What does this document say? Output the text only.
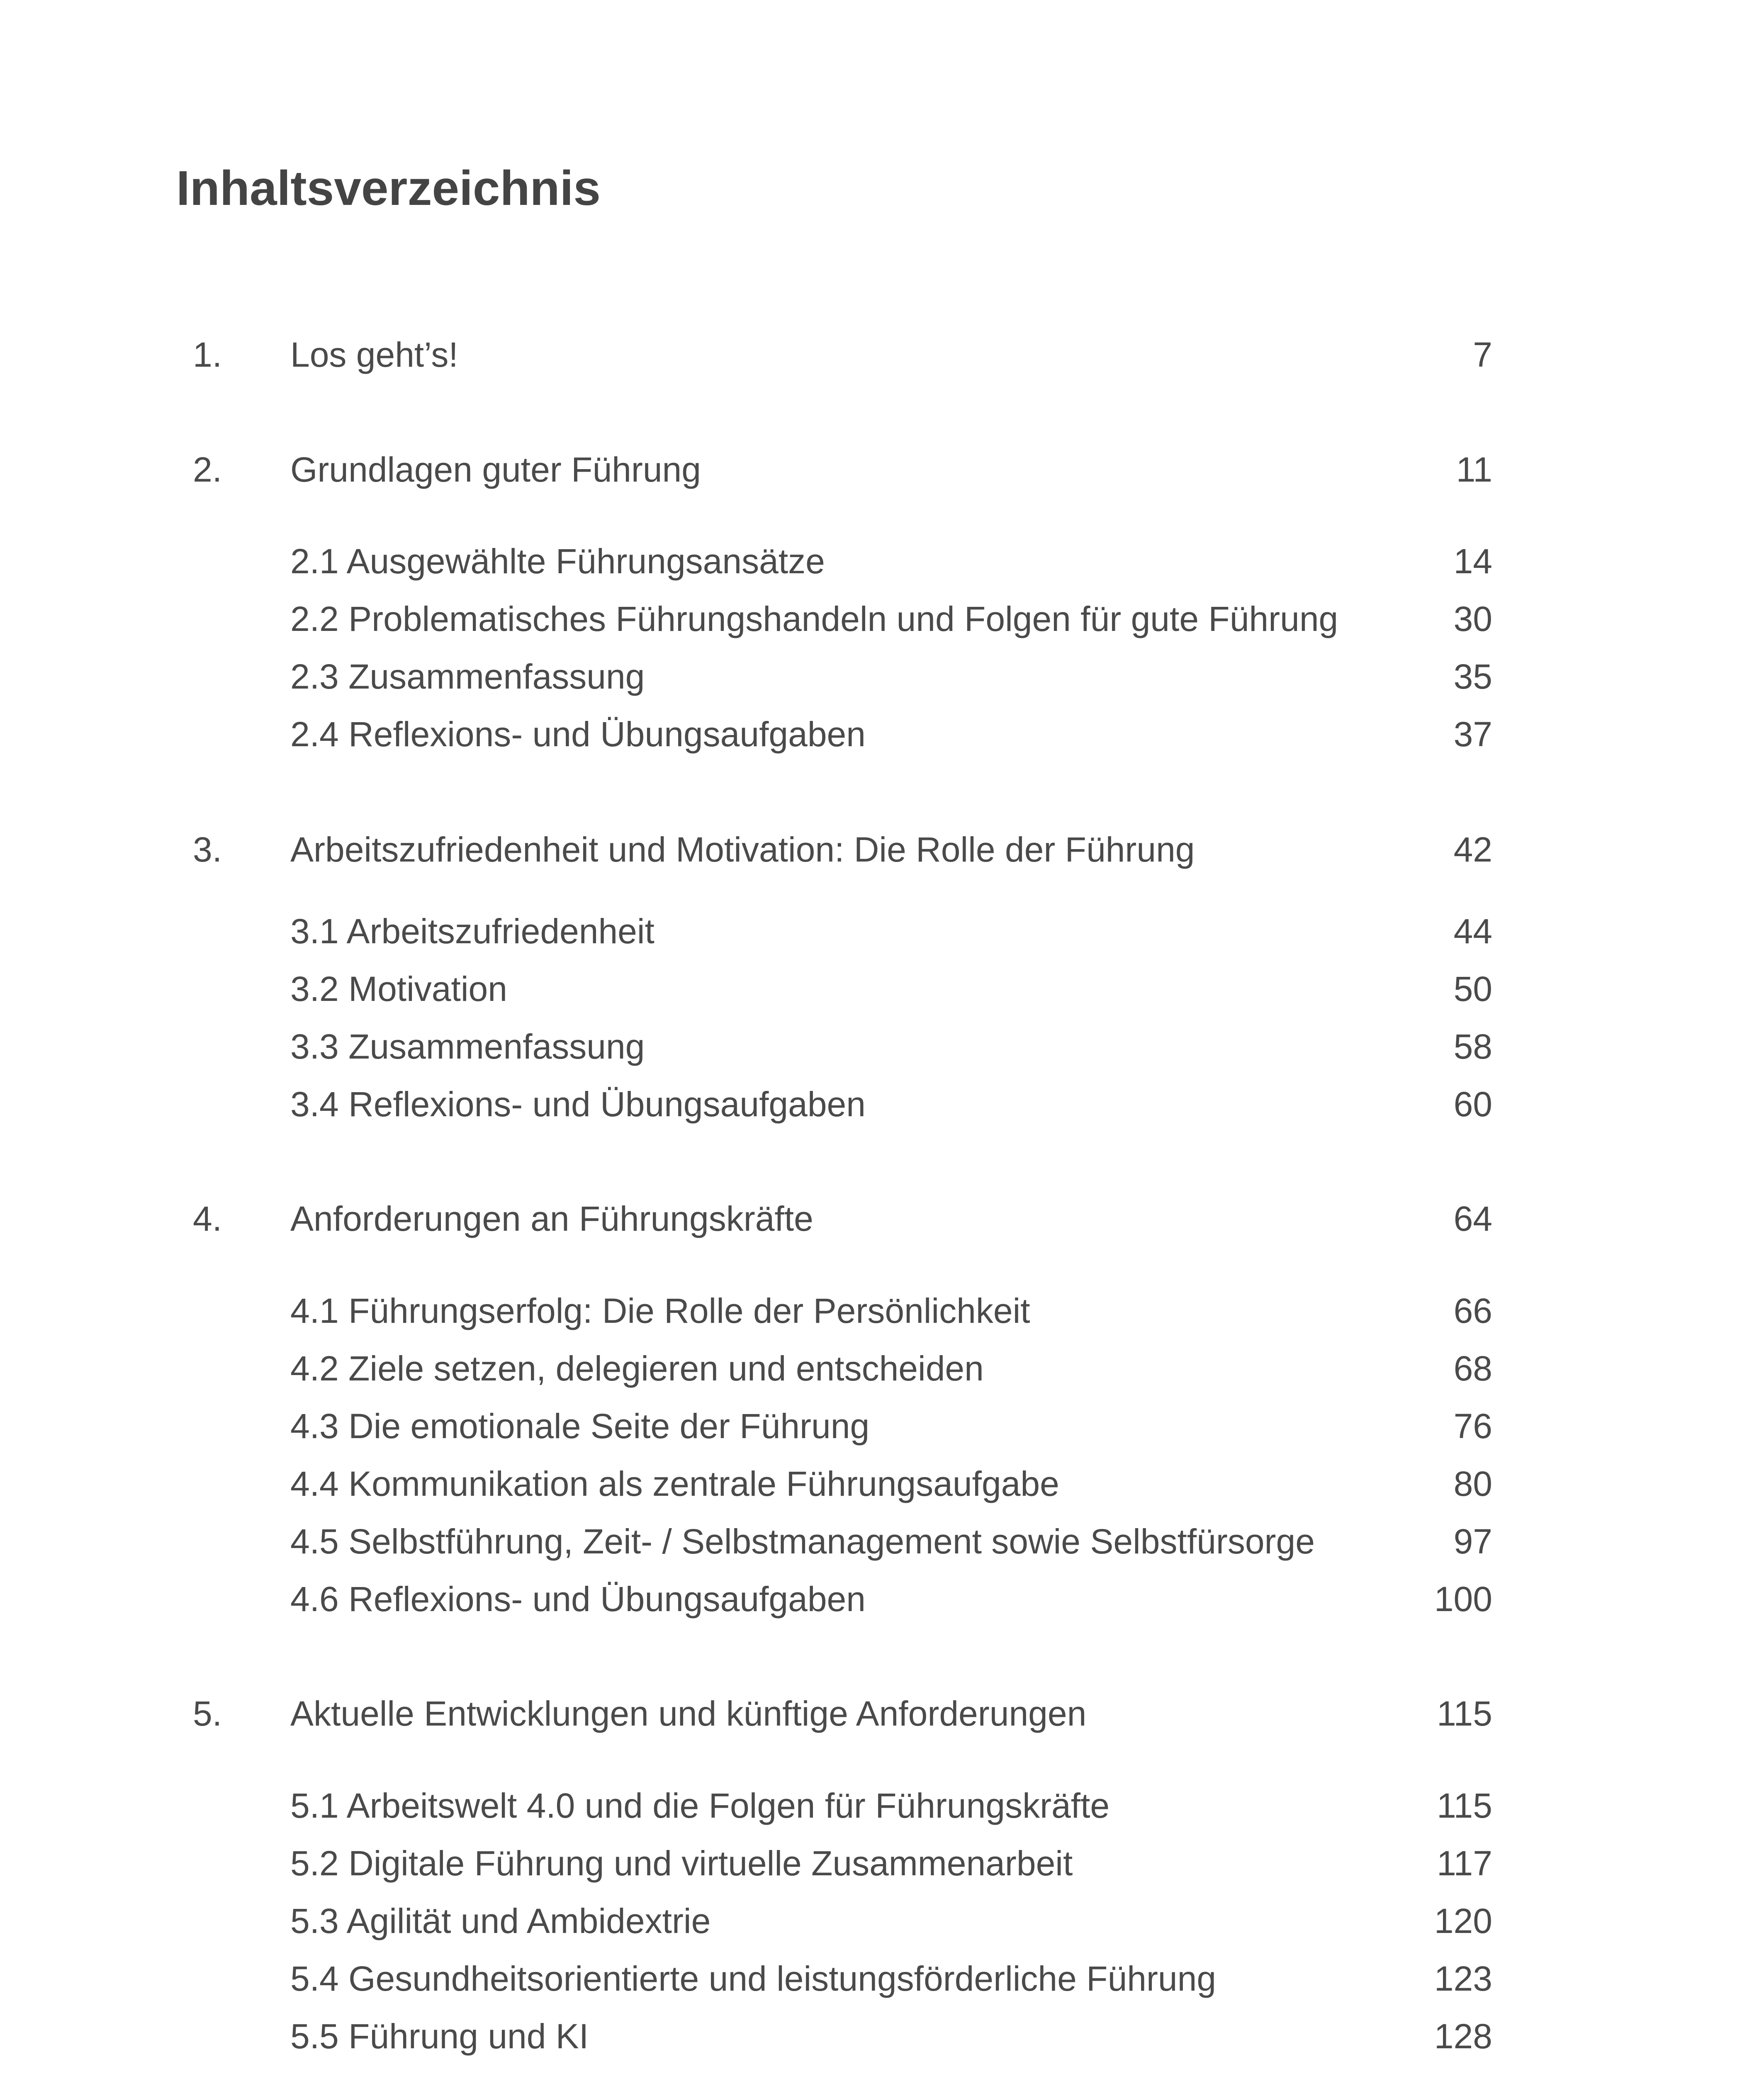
Inhaltsverzeichnis
1. Los geht’s!	7
2. Grundlagen guter Führung	11
2.1 Ausgewählte Führungsansätze	14
2.2 Problematisches Führungshandeln und Folgen für gute Führung	30
2.3 Zusammenfassung	35
2.4 Reflexions- und Übungsaufgaben	37
3. Arbeitszufriedenheit und Motivation: Die Rolle der Führung	42
3.1 Arbeitszufriedenheit	44
3.2 Motivation	50
3.3 Zusammenfassung	58
3.4 Reflexions- und Übungsaufgaben	60
4. Anforderungen an Führungskräfte	64
4.1 Führungserfolg: Die Rolle der Persönlichkeit	66
4.2 Ziele setzen, delegieren und entscheiden	68
4.3 Die emotionale Seite der Führung	76
4.4 Kommunikation als zentrale Führungsaufgabe	80
4.5 Selbstführung, Zeit- / Selbstmanagement sowie Selbstfürsorge	97
4.6 Reflexions- und Übungsaufgaben	100
5. Aktuelle Entwicklungen und künftige Anforderungen	115
5.1 Arbeitswelt 4.0 und die Folgen für Führungskräfte	115
5.2 Digitale Führung und virtuelle Zusammenarbeit	117
5.3 Agilität und Ambidextrie	120
5.4 Gesundheitsorientierte und leistungsförderliche Führung	123
5.5 Führung und KI	128
